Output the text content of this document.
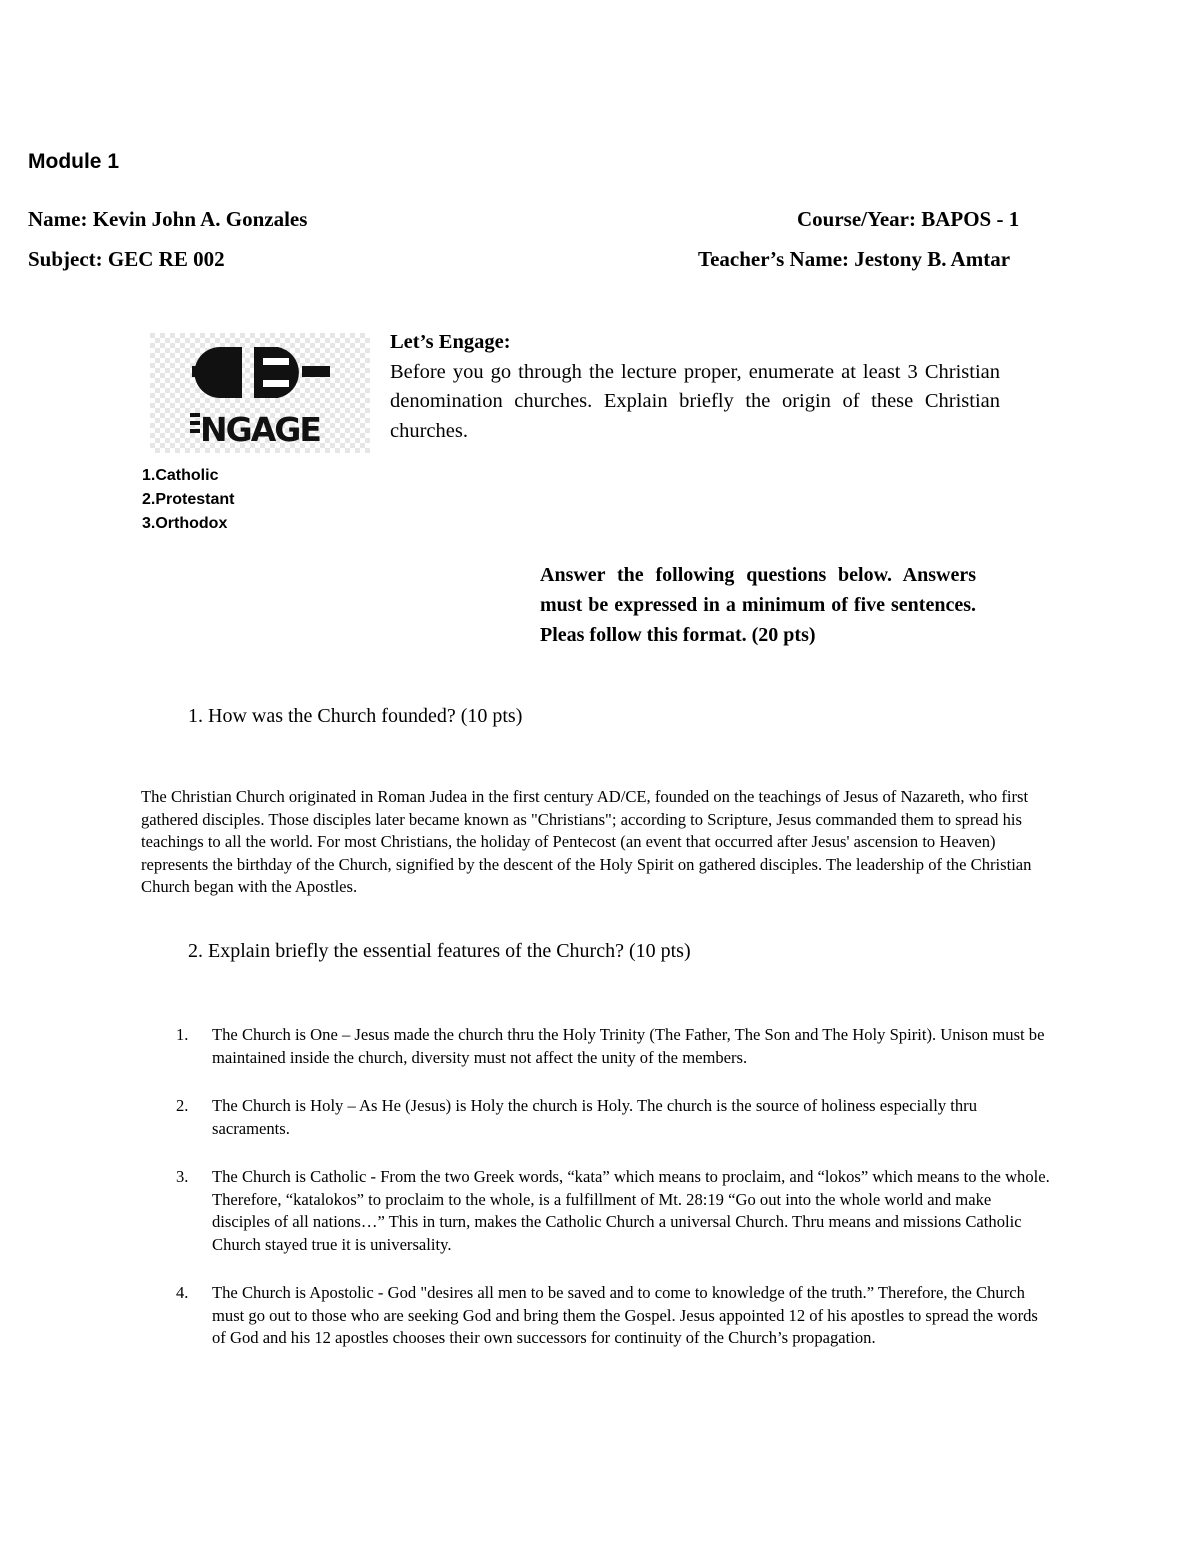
Module 1
Name: Kevin John A. Gonzales	Course/Year: BAPOS - 1
Subject: GEC RE 002	Teacher’s Name: Jestony B. Amtar
NGAGE
Let’s Engage:
Before you go through the lecture proper, enumerate at least 3 Christian denomination churches. Explain briefly the origin of these Christian churches.
1.Catholic
2.Protestant
3.Orthodox
Answer the following questions below. Answers must be expressed in a minimum of five sentences. Pleas follow this format. (20 pts)
1. How was the Church founded? (10 pts)
The Christian Church originated in Roman Judea in the first century AD/CE, founded on the teachings of Jesus of Nazareth, who first gathered disciples. Those disciples later became known as "Christians"; according to Scripture, Jesus commanded them to spread his teachings to all the world. For most Christians, the holiday of Pentecost (an event that occurred after Jesus' ascension to Heaven) represents the birthday of the Church, signified by the descent of the Holy Spirit on gathered disciples. The leadership of the Christian Church began with the Apostles.
2. Explain briefly the essential features of the Church? (10 pts)
1. The Church is One – Jesus made the church thru the Holy Trinity (The Father, The Son and The Holy Spirit). Unison must be maintained inside the church, diversity must not affect the unity of the members.
2. The Church is Holy – As He (Jesus) is Holy the church is Holy. The church is the source of holiness especially thru sacraments.
3. The Church is Catholic - From the two Greek words, “kata” which means to proclaim, and “lokos” which means to the whole. Therefore, “katalokos” to proclaim to the whole, is a fulfillment of Mt. 28:19 “Go out into the whole world and make disciples of all nations…” This in turn, makes the Catholic Church a universal Church. Thru means and missions Catholic Church stayed true it is universality.
4. The Church is Apostolic - God "desires all men to be saved and to come to knowledge of the truth.” Therefore, the Church must go out to those who are seeking God and bring them the Gospel. Jesus appointed 12 of his apostles to spread the words of God and his 12 apostles chooses their own successors for continuity of the Church’s propagation.
